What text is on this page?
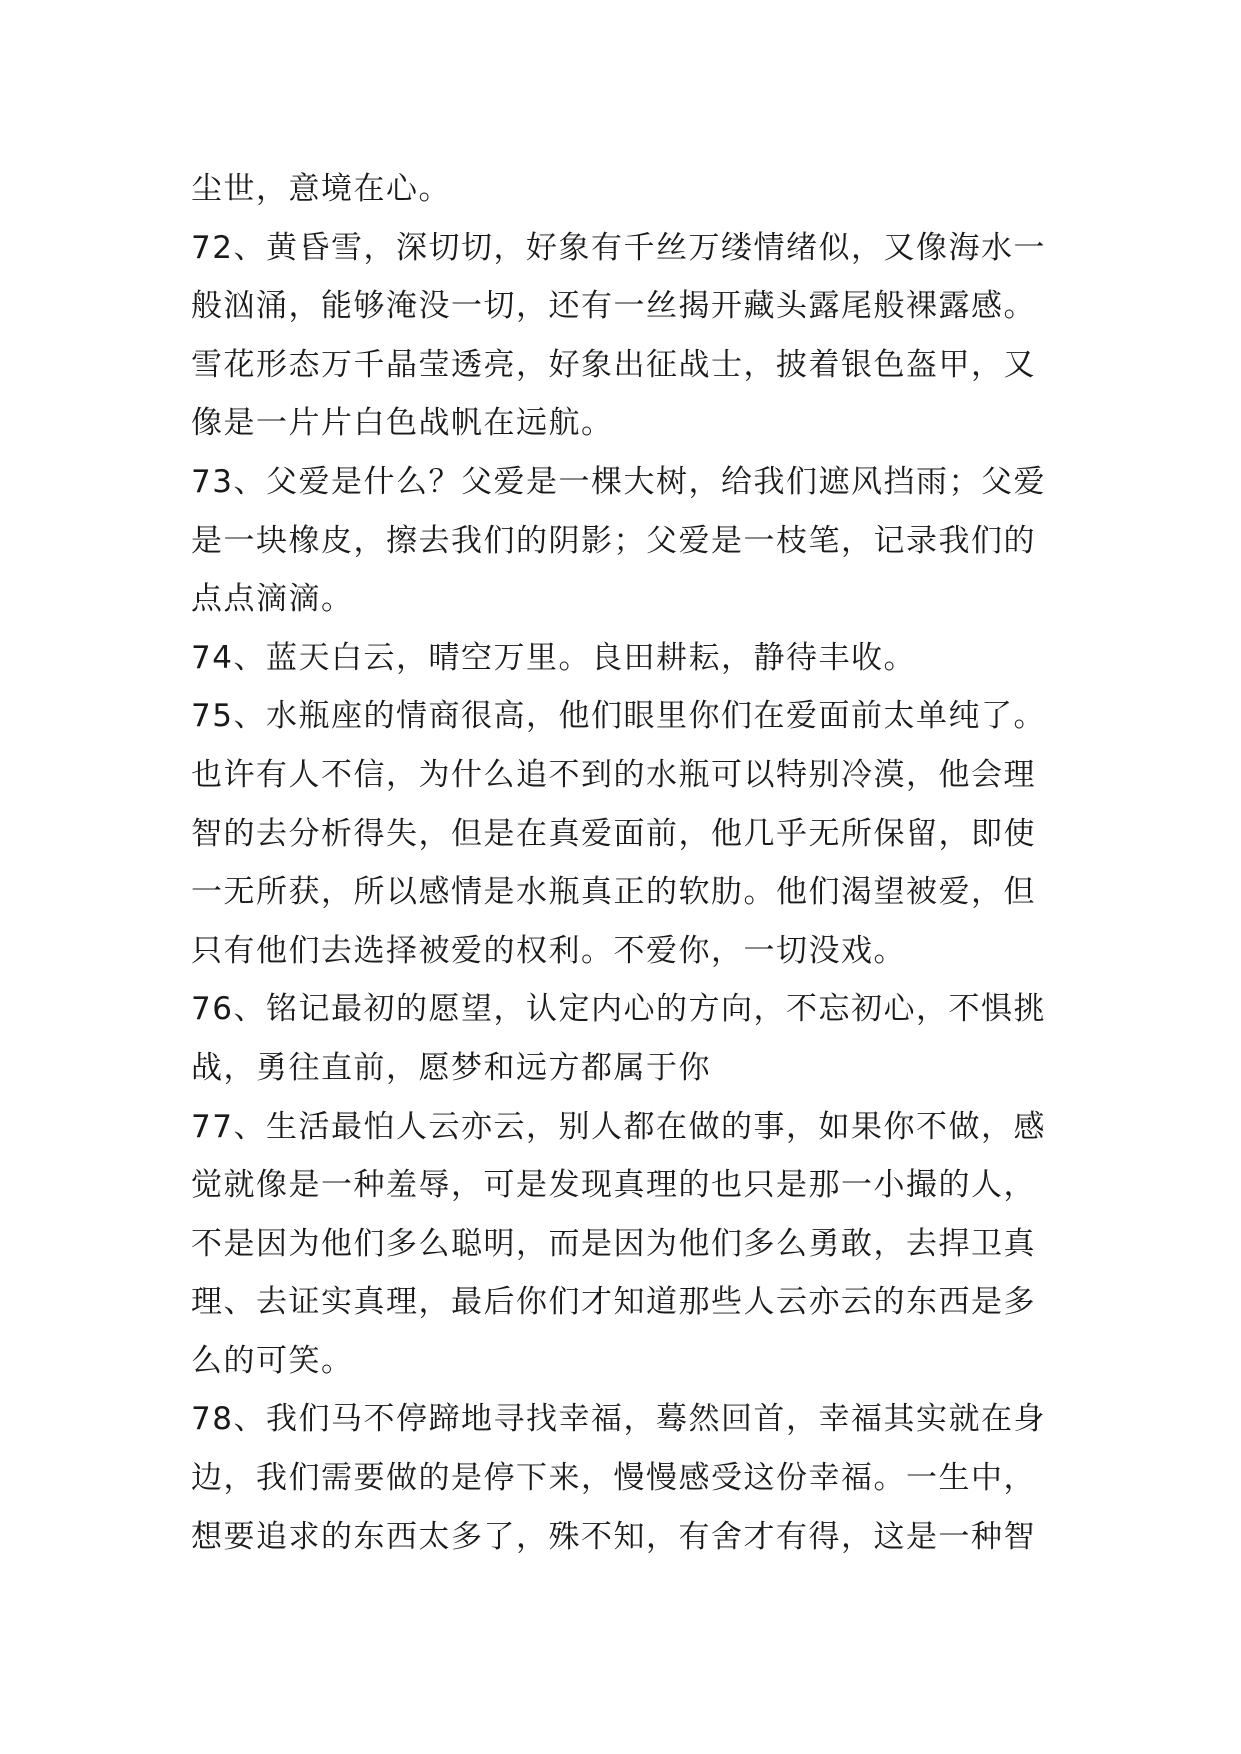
尘世，意境在心。
72、黄昏雪，深切切，好象有千丝万缕情绪似，又像海水一
般汹涌，能够淹没一切，还有一丝揭开藏头露尾般裸露感。
雪花形态万千晶莹透亮，好象出征战士，披着银色盔甲，又
像是一片片白色战帆在远航。
73、父爱是什么？父爱是一棵大树，给我们遮风挡雨；父爱
是一块橡皮，擦去我们的阴影；父爱是一枝笔，记录我们的
点点滴滴。
74、蓝天白云，晴空万里。良田耕耘，静待丰收。
75、水瓶座的情商很高，他们眼里你们在爱面前太单纯了。
也许有人不信，为什么追不到的水瓶可以特别冷漠，他会理
智的去分析得失，但是在真爱面前，他几乎无所保留，即使
一无所获，所以感情是水瓶真正的软肋。他们渴望被爱，但
只有他们去选择被爱的权利。不爱你，一切没戏。
76、铭记最初的愿望，认定内心的方向，不忘初心，不惧挑
战，勇往直前，愿梦和远方都属于你
77、生活最怕人云亦云，别人都在做的事，如果你不做，感
觉就像是一种羞辱，可是发现真理的也只是那一小撮的人，
不是因为他们多么聪明，而是因为他们多么勇敢，去捍卫真
理、去证实真理，最后你们才知道那些人云亦云的东西是多
么的可笑。
78、我们马不停蹄地寻找幸福，蓦然回首，幸福其实就在身
边，我们需要做的是停下来，慢慢感受这份幸福。一生中，
想要追求的东西太多了，殊不知，有舍才有得，这是一种智
